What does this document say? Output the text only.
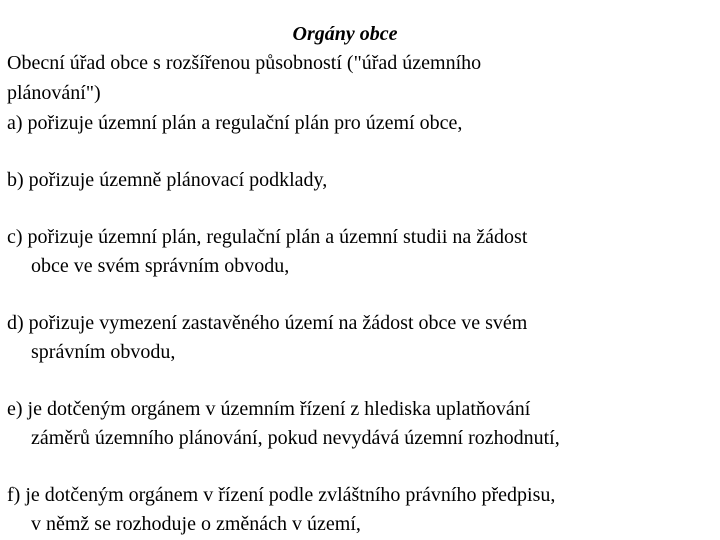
Orgány obce
Obecní úřad obce s rozšířenou působností ("úřad územního
plánování")
a) pořizuje územní plán a regulační plán pro území obce,
b) pořizuje územně plánovací podklady,
c) pořizuje územní plán, regulační plán a územní studii na žádost
obce ve svém správním obvodu,
d) pořizuje vymezení zastavěného území na žádost obce ve svém
správním obvodu,
e) je dotčeným orgánem v územním řízení z hlediska uplatňování
záměrů územního plánování, pokud nevydává územní rozhodnutí,
f) je dotčeným orgánem v řízení podle zvláštního právního předpisu,
v němž se rozhoduje o změnách v území,
